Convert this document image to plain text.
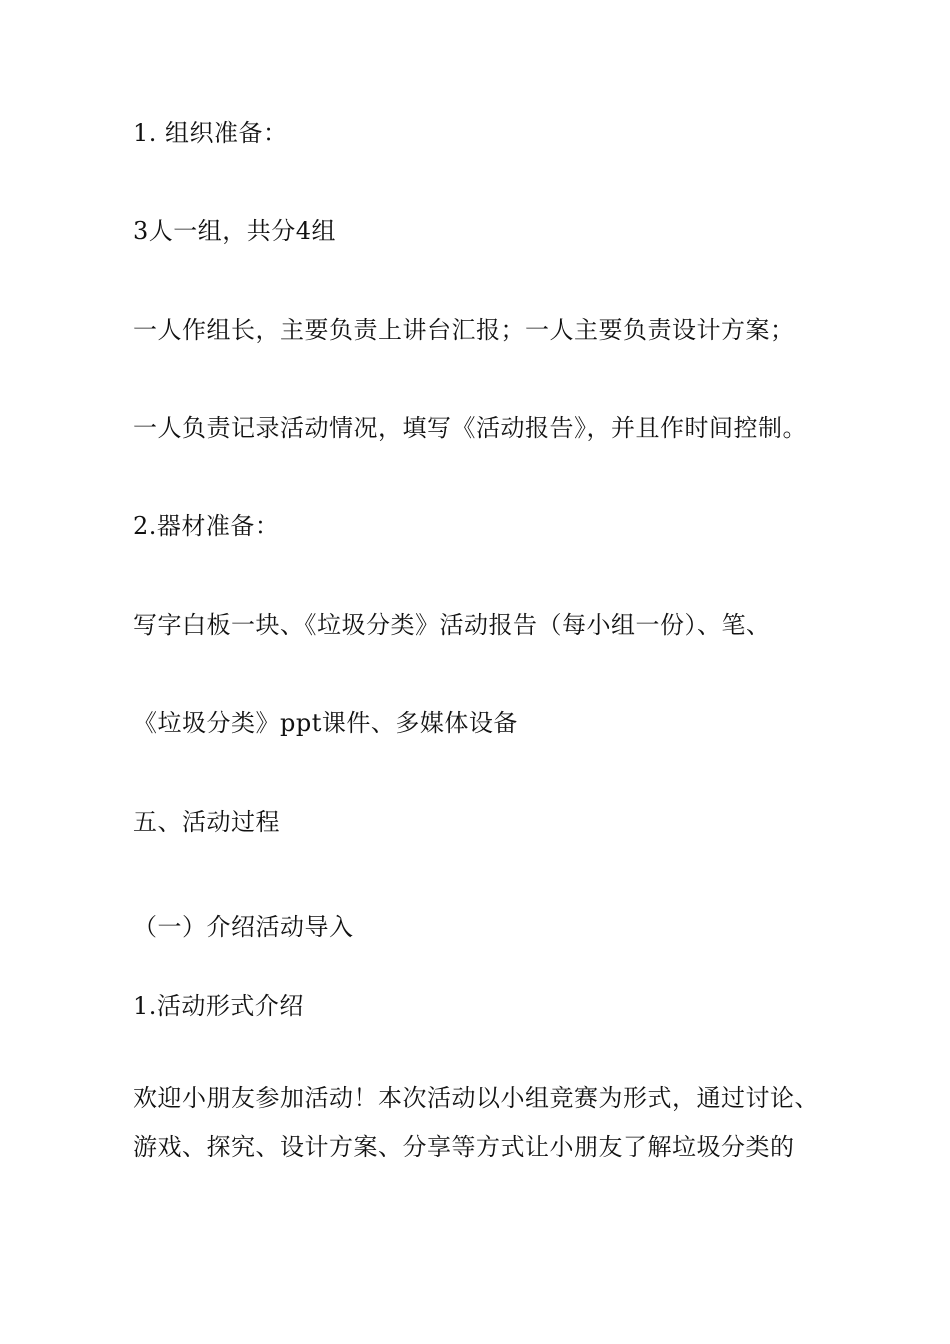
1. 组织准备：
3人一组，共分4组
一人作组长，主要负责上讲台汇报；一人主要负责设计方案；
一人负责记录活动情况，填写《活动报告》，并且作时间控制。
2.器材准备：
写字白板一块、《垃圾分类》活动报告（每小组一份）、笔、
《垃圾分类》ppt课件、多媒体设备
五、活动过程
（一）介绍活动导入
1.活动形式介绍
欢迎小朋友参加活动！本次活动以小组竞赛为形式，通过讨论、
游戏、探究、设计方案、分享等方式让小朋友了解垃圾分类的
